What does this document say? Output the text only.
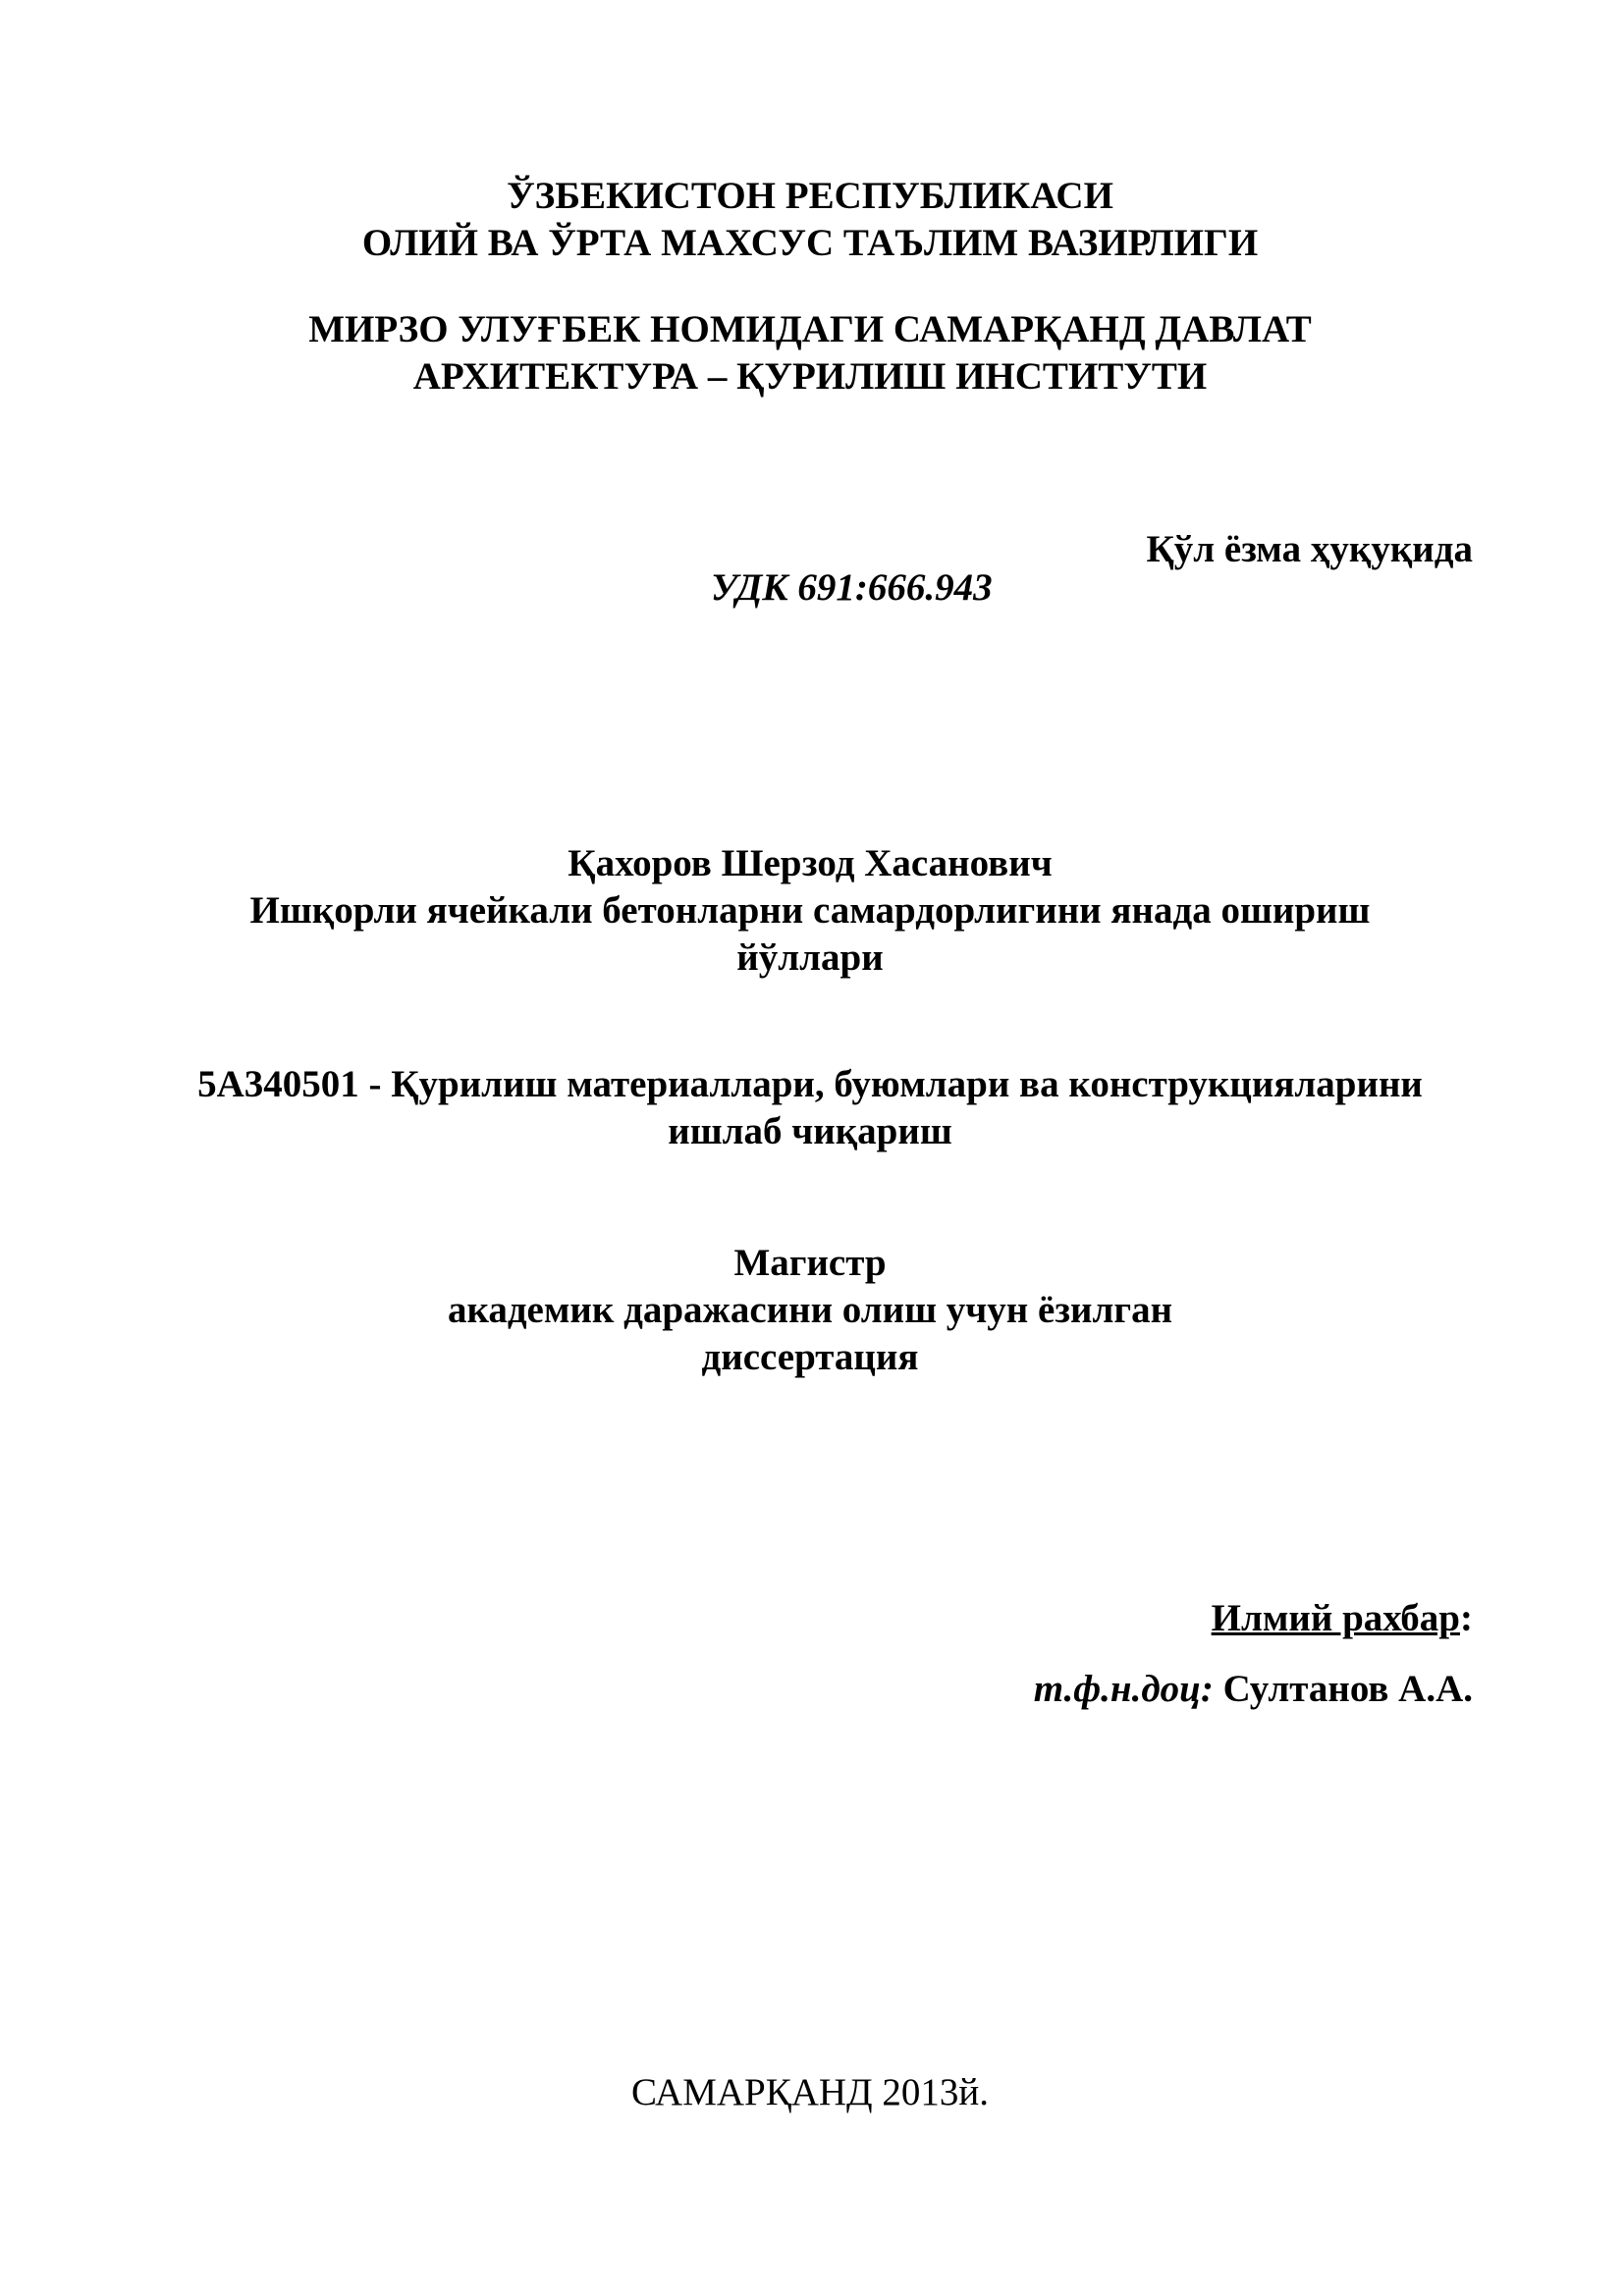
ЎЗБЕКИСТОН РЕСПУБЛИКАСИ
ОЛИЙ ВА ЎРТА МАХСУС ТАЪЛИМ ВАЗИРЛИГИ
МИРЗО УЛУҒБЕК НОМИДАГИ САМАРҚАНД ДАВЛАТ
АРХИТЕКТУРА – ҚУРИЛИШ ИНСТИТУТИ
Қўл ёзма ҳуқуқида
УДК 691:666.943
Қахоров Шерзод Хасанович
Ишқорли ячейкали бетонларни самардорлигини янада ошириш
йўллари
5А340501 - Қурилиш материаллари, буюмлари ва конструкцияларини
ишлаб чиқариш
Магистр
академик даражасини олиш учун ёзилган
диссертация
Илмий рахбар:
т.ф.н.доц: Султанов А.А.
САМАРҚАНД 2013й.
